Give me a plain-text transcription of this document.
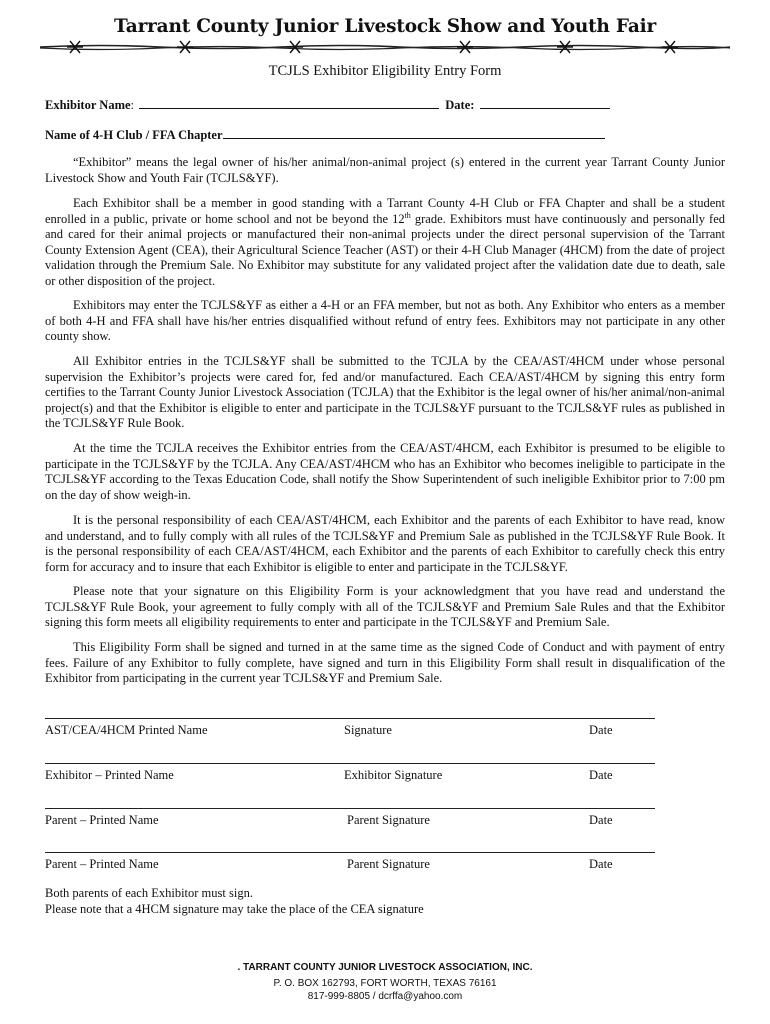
Tarrant County Junior Livestock Show and Youth Fair
TCJLS Exhibitor Eligibility Entry Form
Exhibitor Name:	Date:
Name of 4-H Club / FFA Chapter

“Exhibitor” means the legal owner of his/her animal/non-animal project (s) entered in the current year Tarrant County Junior Livestock Show and Youth Fair (TCJLS&YF).

Each Exhibitor shall be a member in good standing with a Tarrant County 4-H Club or FFA Chapter and shall be a student enrolled in a public, private or home school and not be beyond the 12th grade. Exhibitors must have continuously and personally fed and cared for their animal projects or manufactured their non-animal projects under the direct personal supervision of the Tarrant County Extension Agent (CEA), their Agricultural Science Teacher (AST) or their 4-H Club Manager (4HCM) from the date of project validation through the Premium Sale. No Exhibitor may substitute for any validated project after the validation date due to death, sale or other disposition of the project.

Exhibitors may enter the TCJLS&YF as either a 4-H or an FFA member, but not as both. Any Exhibitor who enters as a member of both 4-H and FFA shall have his/her entries disqualified without refund of entry fees. Exhibitors may not participate in any other county show.

All Exhibitor entries in the TCJLS&YF shall be submitted to the TCJLA by the CEA/AST/4HCM under whose personal supervision the Exhibitor’s projects were cared for, fed and/or manufactured. Each CEA/AST/4HCM by signing this entry form certifies to the Tarrant County Junior Livestock Association (TCJLA) that the Exhibitor is the legal owner of his/her animal/non-animal project(s) and that the Exhibitor is eligible to enter and participate in the TCJLS&YF pursuant to the TCJLS&YF rules as published in the TCJLS&YF Rule Book.

At the time the TCJLA receives the Exhibitor entries from the CEA/AST/4HCM, each Exhibitor is presumed to be eligible to participate in the TCJLS&YF by the TCJLA. Any CEA/AST/4HCM who has an Exhibitor who becomes ineligible to participate in the TCJLS&YF according to the Texas Education Code, shall notify the Show Superintendent of such ineligible Exhibitor prior to 7:00 pm on the day of show weigh-in.

It is the personal responsibility of each CEA/AST/4HCM, each Exhibitor and the parents of each Exhibitor to have read, know and understand, and to fully comply with all rules of the TCJLS&YF and Premium Sale as published in the TCJLS&YF Rule Book. It is the personal responsibility of each CEA/AST/4HCM, each Exhibitor and the parents of each Exhibitor to carefully check this entry form for accuracy and to insure that each Exhibitor is eligible to enter and participate in the TCJLS&YF.

Please note that your signature on this Eligibility Form is your acknowledgment that you have read and understand the TCJLS&YF Rule Book, your agreement to fully comply with all of the TCJLS&YF and Premium Sale Rules and that the Exhibitor signing this form meets all eligibility requirements to enter and participate in the TCJLS&YF and Premium Sale.

This Eligibility Form shall be signed and turned in at the same time as the signed Code of Conduct and with payment of entry fees. Failure of any Exhibitor to fully complete, have signed and turn in this Eligibility Form shall result in disqualification of the Exhibitor from participating in the current year TCJLS&YF and Premium Sale.

AST/CEA/4HCM Printed Name	Signature	Date
Exhibitor – Printed Name	Exhibitor Signature	Date
Parent – Printed Name	Parent Signature	Date
Parent – Printed Name	Parent Signature	Date
Both parents of each Exhibitor must sign.
Please note that a 4HCM signature may take the place of the CEA signature
. TARRANT COUNTY JUNIOR LIVESTOCK ASSOCIATION, INC.
P. O. BOX 162793, FORT WORTH, TEXAS 76161
817-999-8805 / dcrffa@yahoo.com
